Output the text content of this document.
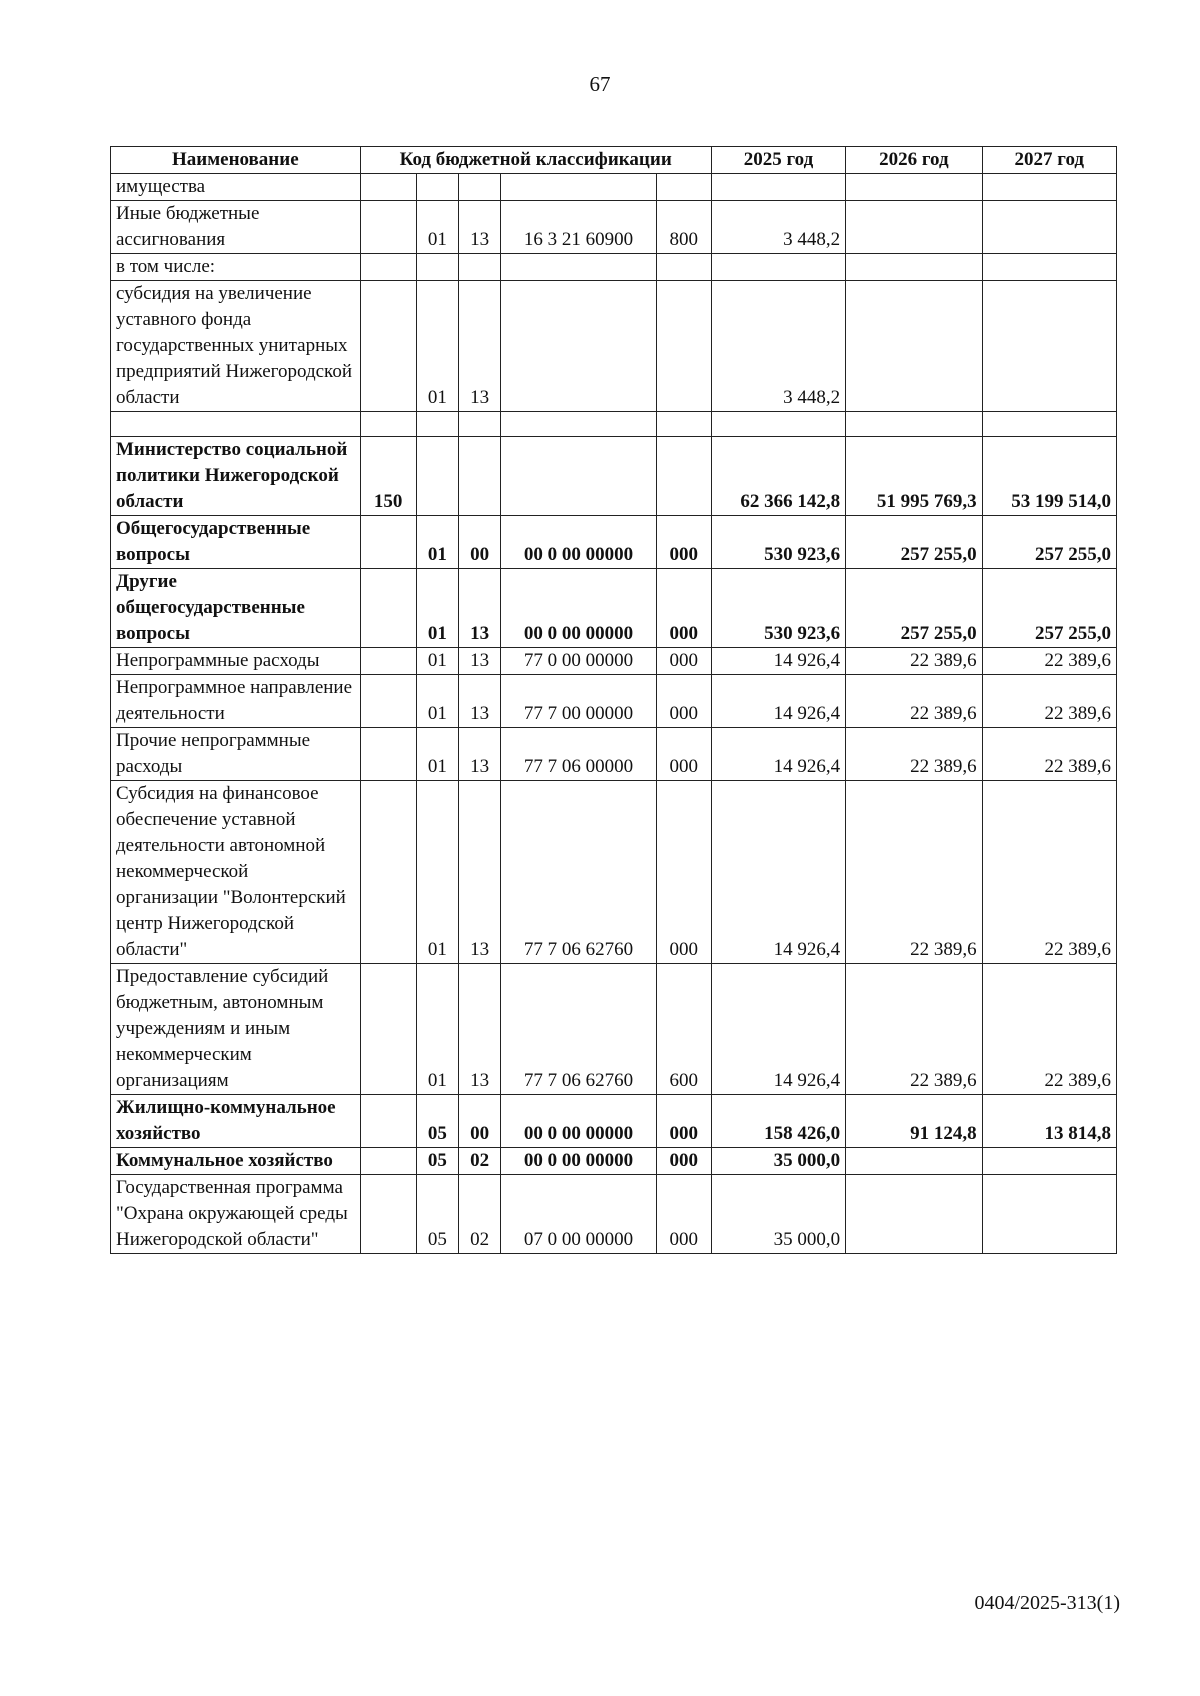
67
Наименование	Код бюджетной классификации					2025 год	2026 год	2027 год
имущества								
Иные бюджетные ассигнования		01	13	16 3 21 60900	800	3 448,2		
в том числе:								
субсидия на увеличение уставного фонда государственных унитарных предприятий Нижегородской области		01	13			3 448,2		

Министерство социальной политики Нижегородской области	150					62 366 142,8	51 995 769,3	53 199 514,0
Общегосударственные вопросы		01	00	00 0 00 00000	000	530 923,6	257 255,0	257 255,0
Другие общегосударственные вопросы		01	13	00 0 00 00000	000	530 923,6	257 255,0	257 255,0
Непрограммные расходы		01	13	77 0 00 00000	000	14 926,4	22 389,6	22 389,6
Непрограммное направление деятельности		01	13	77 7 00 00000	000	14 926,4	22 389,6	22 389,6
Прочие непрограммные расходы		01	13	77 7 06 00000	000	14 926,4	22 389,6	22 389,6
Субсидия на финансовое обеспечение уставной деятельности автономной некоммерческой организации "Волонтерский центр Нижегородской области"		01	13	77 7 06 62760	000	14 926,4	22 389,6	22 389,6
Предоставление субсидий бюджетным, автономным учреждениям и иным некоммерческим организациям		01	13	77 7 06 62760	600	14 926,4	22 389,6	22 389,6
Жилищно-коммунальное хозяйство		05	00	00 0 00 00000	000	158 426,0	91 124,8	13 814,8
Коммунальное хозяйство		05	02	00 0 00 00000	000	35 000,0		
Государственная программа "Охрана окружающей среды Нижегородской области"		05	02	07 0 00 00000	000	35 000,0		
0404/2025-313(1)
